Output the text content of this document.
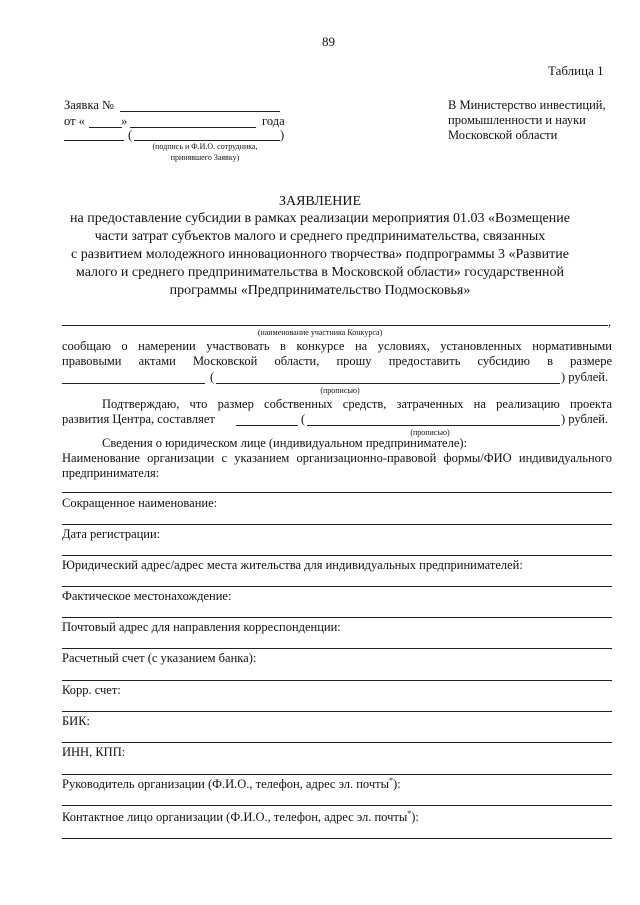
89
Таблица 1
Заявка №
от «	»	года
(	)
(подпись и Ф.И.О. сотрудника,
принявшего Заявку)
В Министерство инвестиций,
промышленности и науки
Московской области
ЗАЯВЛЕНИЕ
на предоставление субсидии в рамках реализации мероприятия 01.03 «Возмещение
части затрат субъектов малого и среднего предпринимательства, связанных
с развитием молодежного инновационного творчества» подпрограммы 3 «Развитие
малого и среднего предпринимательства в Московской области» государственной
программы «Предпринимательство Подмосковья»
,
(наименование участника Конкурса)
сообщаю о намерении участвовать в конкурсе на условиях, установленных нормативными
правовыми актами Московской области, прошу предоставить субсидию в размере
(	) рублей.
(прописью)
Подтверждаю, что размер собственных средств, затраченных на реализацию проекта
развития Центра, составляет	(	) рублей.
(прописью)
Сведения о юридическом лице (индивидуальном предпринимателе):
Наименование организации с указанием организационно-правовой формы/ФИО индивидуального
предпринимателя:
Сокращенное наименование:
Дата регистрации:
Юридический адрес/адрес места жительства для индивидуальных предпринимателей:
Фактическое местонахождение:
Почтовый адрес для направления корреспонденции:
Расчетный счет (с указанием банка):
Корр. счет:
БИК:
ИНН, КПП:
Руководитель организации (Ф.И.О., телефон, адрес эл. почты*):
Контактное лицо организации (Ф.И.О., телефон, адрес эл. почты*):
